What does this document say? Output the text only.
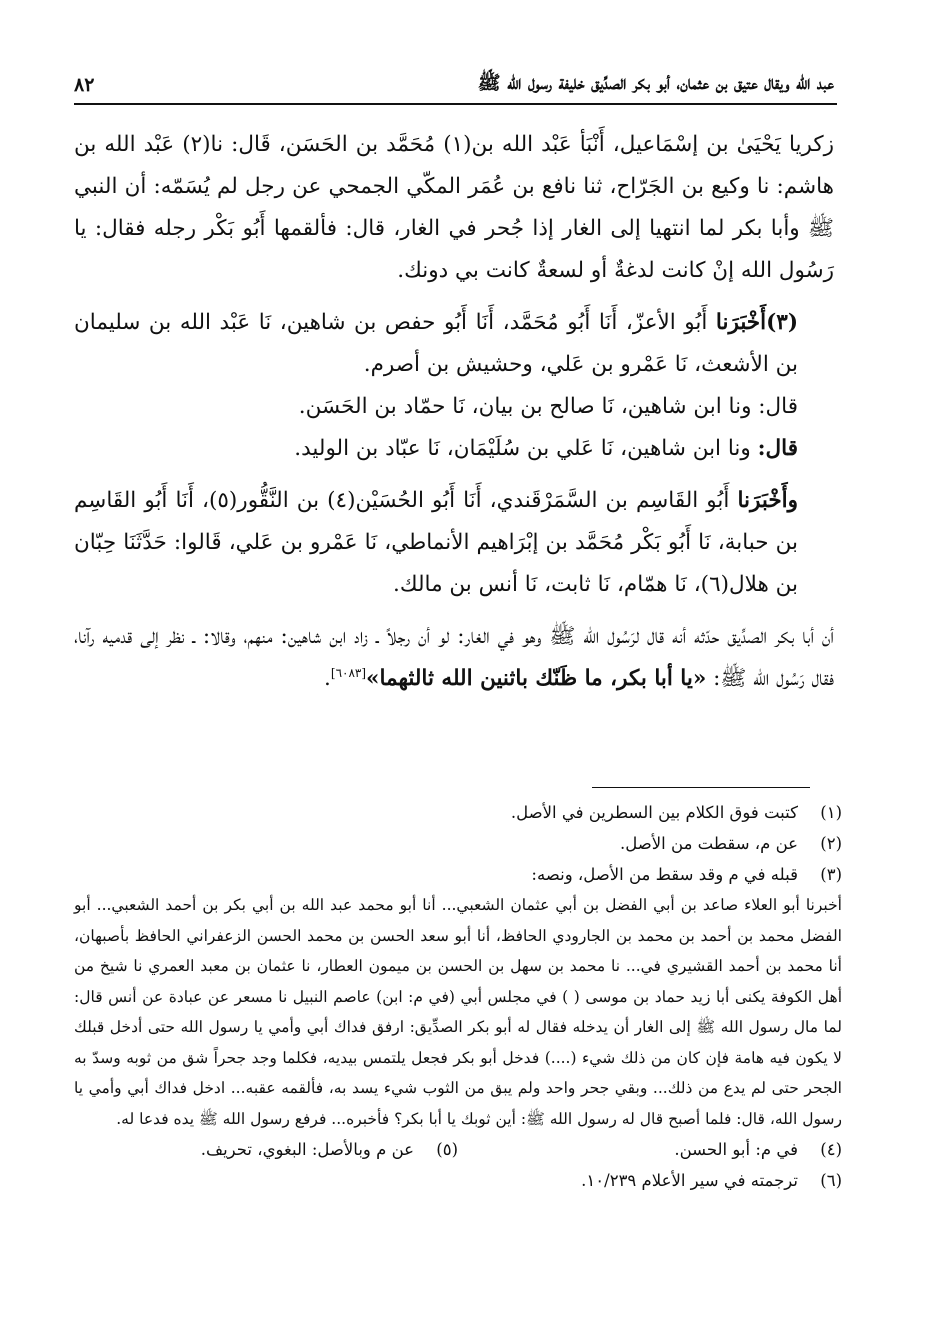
عبد الله ويقال عتيق بن عثمان، أبو بكر الصدِّيق خليفة رسول الله ﷺ
٨٢

زكريا يَحْيَىٰ بن إسْمَاعيل، أَنْبَأ عَبْد الله بن(١) مُحَمَّد بن الحَسَن، قَال: نا(٢) عَبْد الله بن هاشم: نا وكيع بن الجَرّاح، ثنا نافع بن عُمَر المكّي الجمحي عن رجل لم يُسَمّه: أن النبي ﷺ وأبا بكر لما انتهيا إلى الغار إذا جُحر في الغار، قال: فألقمها أَبُو بَكْر رجله فقال: يا رَسُول الله إنْ كانت لدغةٌ أو لسعةٌ كانت بي دونك.

(٣)أَخْبَرَنا أَبُو الأعزّ، أَنَا أَبُو مُحَمَّد، أَنَا أَبُو حفص بن شاهين، نَا عَبْد الله بن سليمان بن الأشعث، نَا عَمْرو بن عَلي، وحشيش بن أصرم.

قال: ونا ابن شاهين، نَا صالح بن بيان، نَا حمّاد بن الحَسَن.

قال: ونا ابن شاهين، نَا عَلي بن سُلَيْمَان، نَا عبّاد بن الوليد.

وأَخْبَرَنا أَبُو القَاسِم بن السَّمَرْقَندي، أَنَا أَبُو الحُسَيْن(٤) بن النَّقُّور(٥)، أَنَا أَبُو القَاسِم بن حبابة، نَا أَبُو بَكْر مُحَمَّد بن إبْرَاهيم الأنماطي، نَا عَمْرو بن عَلي، قَالوا: حَدَّثَنَا حِبّان بن هلال(٦)، نَا همّام، نَا ثابت، نَا أنس بن مالك.

أن أبا بكر الصدِّيق حدّثه أنه قال لرَسُول الله ﷺ وهو في الغار: لو أن رجلاً ـ زاد ابن شاهين: منهم، وقالا: ـ نظر إلى قدميه رآنا، فقال رَسُول الله ﷺ: «يا أبا بكر، ما ظَنّك باثنين الله ثالثهما»[٦٠٨٣].

(١)
كتبت فوق الكلام بين السطرين في الأصل.
(٢)
عن م، سقطت من الأصل.
(٣)
قبله في م وقد سقط من الأصل، ونصه:

أخبرنا أبو العلاء صاعد بن أبي الفضل بن أبي عثمان الشعبي... أنا أبو محمد عبد الله بن أبي بكر بن أحمد الشعبي... أبو الفضل محمد بن أحمد بن محمد بن الجارودي الحافظ، أنا أبو سعد الحسن بن محمد الحسن الزعفراني الحافظ بأصبهان، أنا محمد بن أحمد القشيري في... نا محمد بن سهل بن الحسن بن ميمون العطار، نا عثمان بن معبد العمري نا شيخ من أهل الكوفة يكنى أبا زيد حماد بن موسى ( ) في مجلس أبي (في م: ابن) عاصم النبيل نا مسعر عن عبادة عن أنس قال: لما مال رسول الله ﷺ إلى الغار أن يدخله فقال له أبو بكر الصدِّيق: ارفق فداك أبي وأمي يا رسول الله حتى أدخل قبلك لا يكون فيه هامة فإن كان من ذلك شيء (....) فدخل أبو بكر فجعل يلتمس بيديه، فكلما وجد جحراً شق من ثوبه وسدّ به الجحر حتى لم يدع من ذلك... وبقي جحر واحد ولم يبق من الثوب شيء يسد به، فألقمه عقبه... ادخل فداك أبي وأمي يا رسول الله، قال: فلما أصبح قال له رسول الله ﷺ: أين ثوبك يا أبا بكر؟ فأخبره... فرفع رسول الله ﷺ يده فدعا له.

(٤)
في م: أبو الحسن.
(٥)
عن م وبالأصل: البغوي، تحريف.
(٦)
ترجمته في سير الأعلام ١٠/٢٣٩.
